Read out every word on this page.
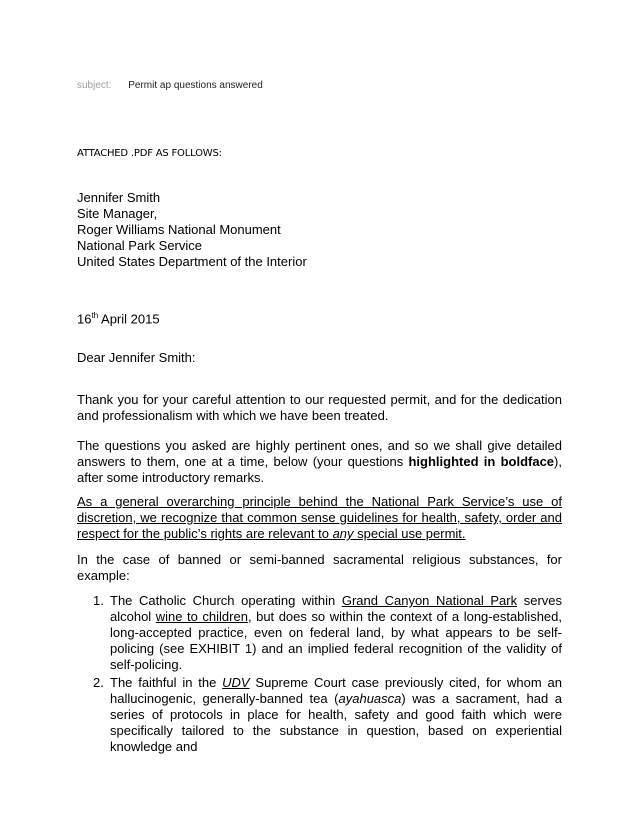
subject: Permit ap questions answered
ATTACHED .PDF AS FOLLOWS:
Jennifer Smith
Site Manager,
Roger Williams National Monument
National Park Service
United States Department of the Interior
16th April 2015
Dear Jennifer Smith:
Thank you for your careful attention to our requested permit, and for the dedication and professionalism with which we have been treated.
The questions you asked are highly pertinent ones, and so we shall give detailed answers to them, one at a time, below (your questions highlighted in boldface), after some introductory remarks.
As a general overarching principle behind the National Park Service’s use of discretion, we recognize that common sense guidelines for health, safety, order and respect for the public’s rights are relevant to any special use permit.
In the case of banned or semi-banned sacramental religious substances, for example:
1. The Catholic Church operating within Grand Canyon National Park serves alcohol wine to children, but does so within the context of a long-established, long-accepted practice, even on federal land, by what appears to be self-policing (see EXHIBIT 1) and an implied federal recognition of the validity of self-policing.
2. The faithful in the UDV Supreme Court case previously cited, for whom an hallucinogenic, generally-banned tea (ayahuasca) was a sacrament, had a series of protocols in place for health, safety and good faith which were specifically tailored to the substance in question, based on experiential knowledge and
